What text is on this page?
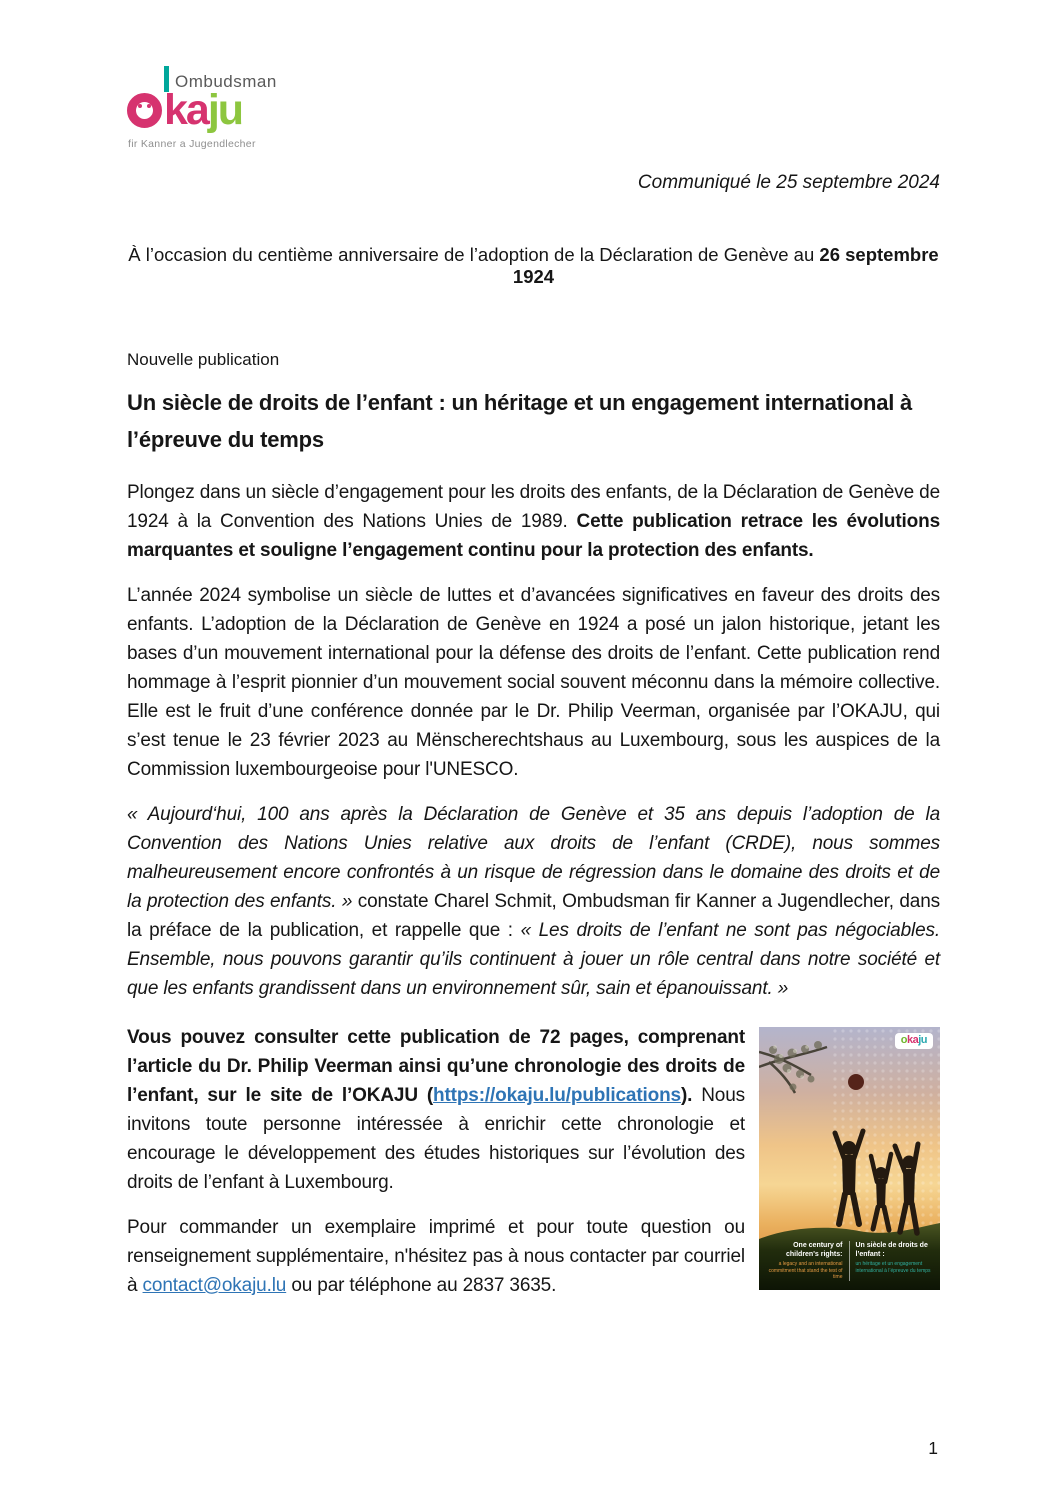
Ombudsman
ka ju
fir Kanner a Jugendlecher
Communiqué le 25 septembre 2024
À l’occasion du centième anniversaire de l’adoption de la Déclaration de Genève au 26 septembre 1924
Nouvelle publication
Un siècle de droits de l’enfant : un héritage et un engagement international à l’épreuve du temps

Plongez dans un siècle d’engagement pour les droits des enfants, de la Déclaration de Genève de 1924 à la Convention des Nations Unies de 1989. Cette publication retrace les évolutions marquantes et souligne l’engagement continu pour la protection des enfants.

L’année 2024 symbolise un siècle de luttes et d’avancées significatives en faveur des droits des enfants. L’adoption de la Déclaration de Genève en 1924 a posé un jalon historique, jetant les bases d’un mouvement international pour la défense des droits de l’enfant. Cette publication rend hommage à l’esprit pionnier d’un mouvement social souvent méconnu dans la mémoire collective. Elle est le fruit d’une conférence donnée par le Dr. Philip Veerman, organisée par l’OKAJU, qui s’est tenue le 23 février 2023 au Mënscherechtshaus au Luxembourg, sous les auspices de la Commission luxembourgeoise pour l'UNESCO.

« Aujourd‘hui, 100 ans après la Déclaration de Genève et 35 ans depuis l’adoption de la Convention des Nations Unies relative aux droits de l’enfant (CRDE), nous sommes malheureusement encore confrontés à un risque de régression dans le domaine des droits et de la protection des enfants. » constate Charel Schmit, Ombudsman fir Kanner a Jugendlecher, dans la préface de la publication, et rappelle que : « Les droits de l’enfant ne sont pas négociables. Ensemble, nous pouvons garantir qu’ils continuent à jouer un rôle central dans notre société et que les enfants grandissent dans un environnement sûr, sain et épanouissant. »

okaju
One century of children's rights:
a legacy and an international commitment that stand the test of time
Un siècle de droits de l’enfant :
un héritage et un engagement international à l’épreuve du temps

Vous pouvez consulter cette publication de 72 pages, comprenant l’article du Dr. Philip Veerman ainsi qu’une chronologie des droits de l’enfant, sur le site de l’OKAJU (https://okaju.lu/publications). Nous invitons toute personne intéressée à enrichir cette chronologie et encourage le développement des études historiques sur l’évolution des droits de l’enfant à Luxembourg.

Pour commander un exemplaire imprimé et pour toute question ou renseignement supplémentaire, n'hésitez pas à nous contacter par courriel à contact@okaju.lu ou par téléphone au 2837 3635.

1
